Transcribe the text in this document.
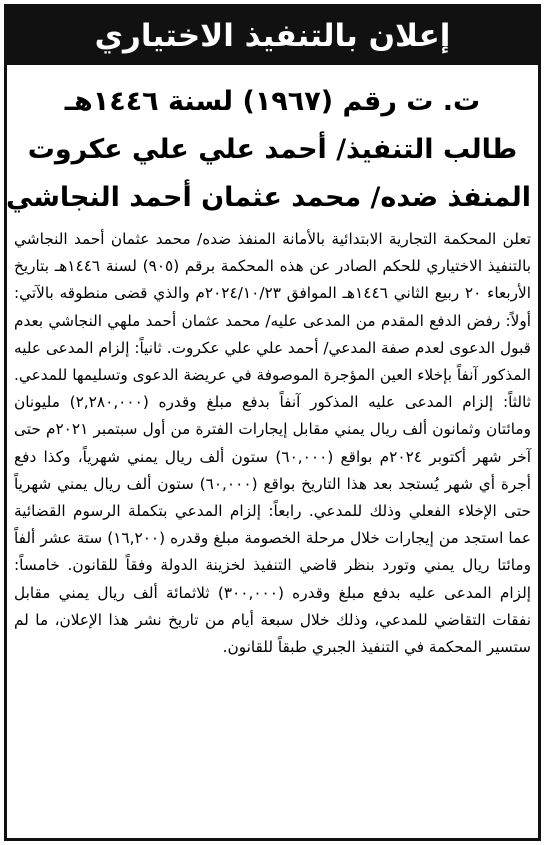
إعلان بالتنفيذ الاختياري
ت. ت رقم (١٩٦٧) لسنة ١٤٤٦هـ
طالب التنفيذ/ أحمد علي علي عكروت
المنفذ ضده/ محمد عثمان أحمد النجاشي

تعلن المحكمة التجارية الابتدائية بالأمانة المنفذ ضده/ محمد عثمان أحمد النجاشي بالتنفيذ الاختياري للحكم الصادر عن هذه المحكمة برقم (٩٠٥) لسنة ١٤٤٦هـ بتاريخ الأربعاء ٢٠ ربيع الثاني ١٤٤٦هـ الموافق ٢٠٢٤/١٠/٢٣م والذي قضى منطوقه بالآتي: أولاً: رفض الدفع المقدم من المدعى عليه/ محمد عثمان أحمد ملهي النجاشي بعدم قبول الدعوى لعدم صفة المدعي/ أحمد علي علي عكروت. ثانياً: إلزام المدعى عليه المذكور آنفاً بإخلاء العين المؤجرة الموصوفة في عريضة الدعوى وتسليمها للمدعي. ثالثاً: إلزام المدعى عليه المذكور آنفاً بدفع مبلغ وقدره (٢,٢٨٠,٠٠٠) مليونان ومائتان وثمانون ألف ريال يمني مقابل إيجارات الفترة من أول سبتمبر ٢٠٢١م حتى آخر شهر أكتوبر ٢٠٢٤م بواقع (٦٠,٠٠٠) ستون ألف ريال يمني شهرياً، وكذا دفع أجرة أي شهر يُستجد بعد هذا التاريخ بواقع (٦٠,٠٠٠) ستون ألف ريال يمني شهرياً حتى الإخلاء الفعلي وذلك للمدعي. رابعاً: إلزام المدعي بتكملة الرسوم القضائية عما استجد من إيجارات خلال مرحلة الخصومة مبلغ وقدره (١٦,٢٠٠) ستة عشر ألفاً ومائتا ريال يمني وتورد بنظر قاضي التنفيذ لخزينة الدولة وفقاً للقانون. خامساً: إلزام المدعى عليه بدفع مبلغ وقدره (٣٠٠,٠٠٠) ثلاثمائة ألف ريال يمني مقابل نفقات التقاضي للمدعي، وذلك خلال سبعة أيام من تاريخ نشر هذا الإعلان، ما لم ستسير المحكمة في التنفيذ الجبري طبقاً للقانون.
